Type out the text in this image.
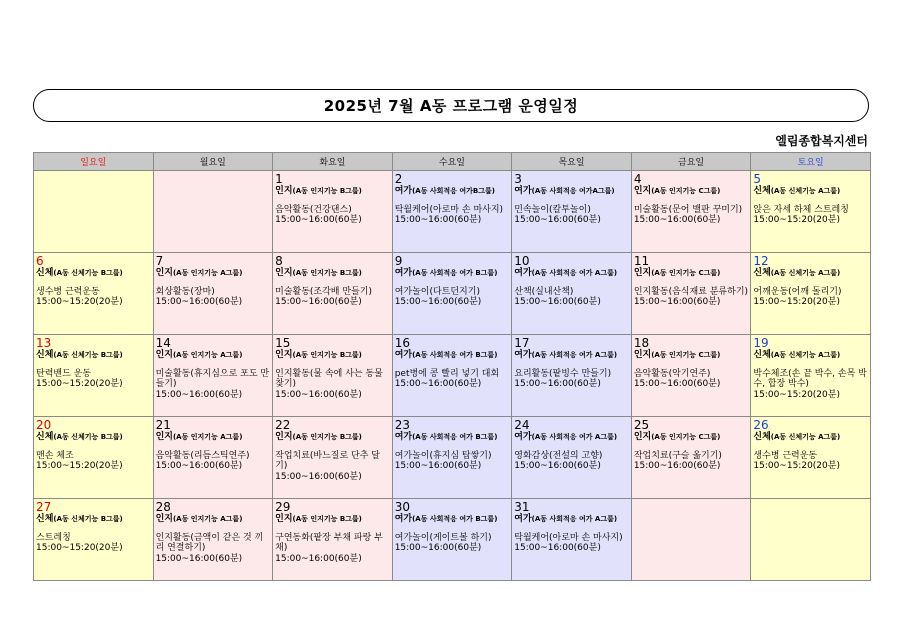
2025년 7월 A동 프로그램 운영일정
엘림종합복지센터
일요일	월요일	화요일	수요일	목요일	금요일	토요일

		1
인지(A동 인지기능 B그룹)
음악활동(건강댄스)
15:00~16:00(60분)	2
여가(A동 사회적응 여가B그룹)
탁월케어(아로마 손 마사지)
15:00~16:00(60분)	3
여가(A동 사회적응 여가A그룹)
민속놀이(칼투놀이)
15:00~16:00(60분)	4
인지(A동 인지기능 C그룹)
미술활동(문어 밸판 꾸미기)
15:00~16:00(60분)	5
신체(A동 신체기능 A그룹)
앉은 자세 하체 스트레칭
15:00~15:20(20분)

6
신체(A동 신체기능 B그룹)
생수병 근력운동
15:00~15:20(20분)	7
인지(A동 인지기능 A그룹)
회상활동(장마)
15:00~16:00(60분)	8
인지(A동 인지기능 B그룹)
미술활동(조각배 만들기)
15:00~16:00(60분)	9
여가(A동 사회적응 여가 B그룹)
여가놀이(다트던지기)
15:00~16:00(60분)	10
여가(A동 사회적응 여가 A그룹)
산책(실내산책)
15:00~16:00(60분)	11
인지(A동 인지기능 C그룹)
인지활동(음식재료 분류하기)
15:00~16:00(60분)	12
신체(A동 신체기능 A그룹)
어깨운동(어깨 돌리기)
15:00~15:20(20분)

13
신체(A동 신체기능 B그룹)
탄력밴드 운동
15:00~15:20(20분)	14
인지(A동 인지기능 A그룹)
미술활동(휴지심으로 포도 만들기)
15:00~16:00(60분)	15
인지(A동 인지기능 B그룹)
인지활동(물 속에 사는 동물 찾기)
15:00~16:00(60분)	16
여가(A동 사회적응 여가 B그룹)
pet병에 콩 빨리 넣기 대회
15:00~16:00(60분)	17
여가(A동 사회적응 여가 A그룹)
요리활동(팥빙수 만들기)
15:00~16:00(60분)	18
인지(A동 인지기능 C그룹)
음악활동(악기연주)
15:00~16:00(60분)	19
신체(A동 신체기능 A그룹)
박수체조(손 끝 박수, 손목 박수, 합장 박수)
15:00~15:20(20분)

20
신체(A동 신체기능 B그룹)
맨손 체조
15:00~15:20(20분)	21
인지(A동 인지기능 A그룹)
음악활동(리듬스틱연주)
15:00~16:00(60분)	22
인지(A동 인지기능 B그룹)
작업치료(바느질로 단추 달기)
15:00~16:00(60분)	23
여가(A동 사회적응 여가 B그룹)
여가놀이(휴지심 탑쌓기)
15:00~16:00(60분)	24
여가(A동 사회적응 여가 A그룹)
영화감상(전설의 고향)
15:00~16:00(60분)	25
인지(A동 인지기능 C그룹)
작업치료(구슬 옮기기)
15:00~16:00(60분)	26
신체(A동 신체기능 A그룹)
생수병 근력운동
15:00~15:20(20분)

27
신체(A동 신체기능 B그룹)
스트레칭
15:00~15:20(20분)	28
인지(A동 인지기능 A그룹)
인지활동(금액이 같은 것 끼리 연결하기)
15:00~16:00(60분)	29
인지(A동 인지기능 B그룹)
구연동화(팥장 부채 파랑 부채)
15:00~16:00(60분)	30
여가(A동 사회적응 여가 B그룹)
여가놀이(게이트볼 하기)
15:00~16:00(60분)	31
여가(A동 사회적응 여가 A그룹)
탁월케어(아로마 손 마사지)
15:00~16:00(60분)		
